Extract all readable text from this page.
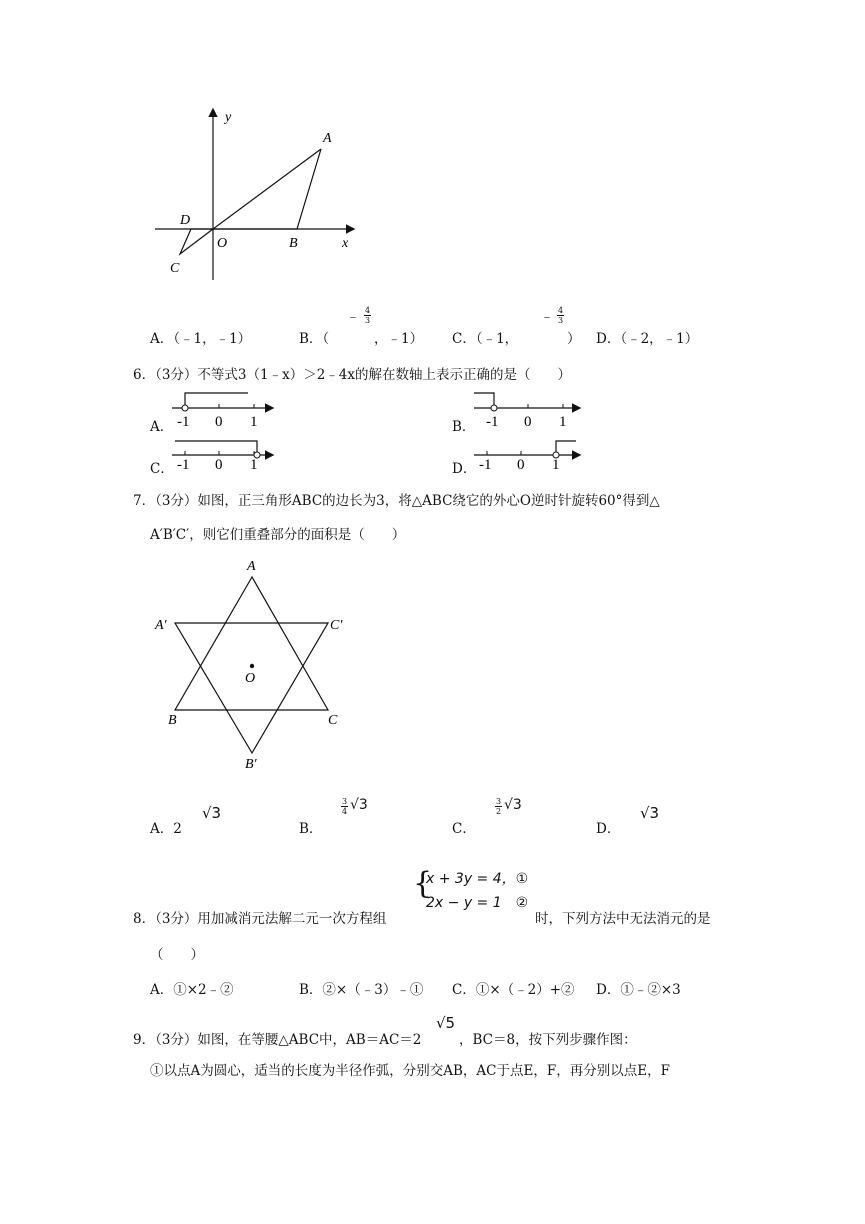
y
x
A
B
C
D
O
A．（﹣1，﹣1）	B．（
﹣ 4
3
，﹣1） C．（﹣1，
﹣ 4
3
） D．（﹣2，﹣1）
6．（3分）不等式3（1﹣x）＞2﹣4x的解在数轴上表示正确的是（　　）
A．	B．
C．	D．
-1 0 1	-1 0 1
-1 0 1	-1 0 1
7．（3分）如图，正三角形ABC的边长为3，将△ABC绕它的外心O逆时针旋转60°得到△
A′B′C′，则它们重叠部分的面积是（　　）
A
A′	C′
O
B	C
B′
A．2
√3
B．
3
4 √3
C．
3
2 √3
D．
√3
{
x + 3y = 4，①
2x − y = 1　②
8．（3分）用加减消元法解二元一次方程组	时，下列方法中无法消元的是
（　　）
A．①×2﹣②	B．②×（﹣3）﹣① C．①×（﹣2）+② D．①﹣②×3
9．（3分）如图，在等腰△ABC中，AB＝AC＝2
√5
，BC＝8，按下列步骤作图：
①以点A为圆心，适当的长度为半径作弧，分别交AB，AC于点E，F，再分别以点E，F
